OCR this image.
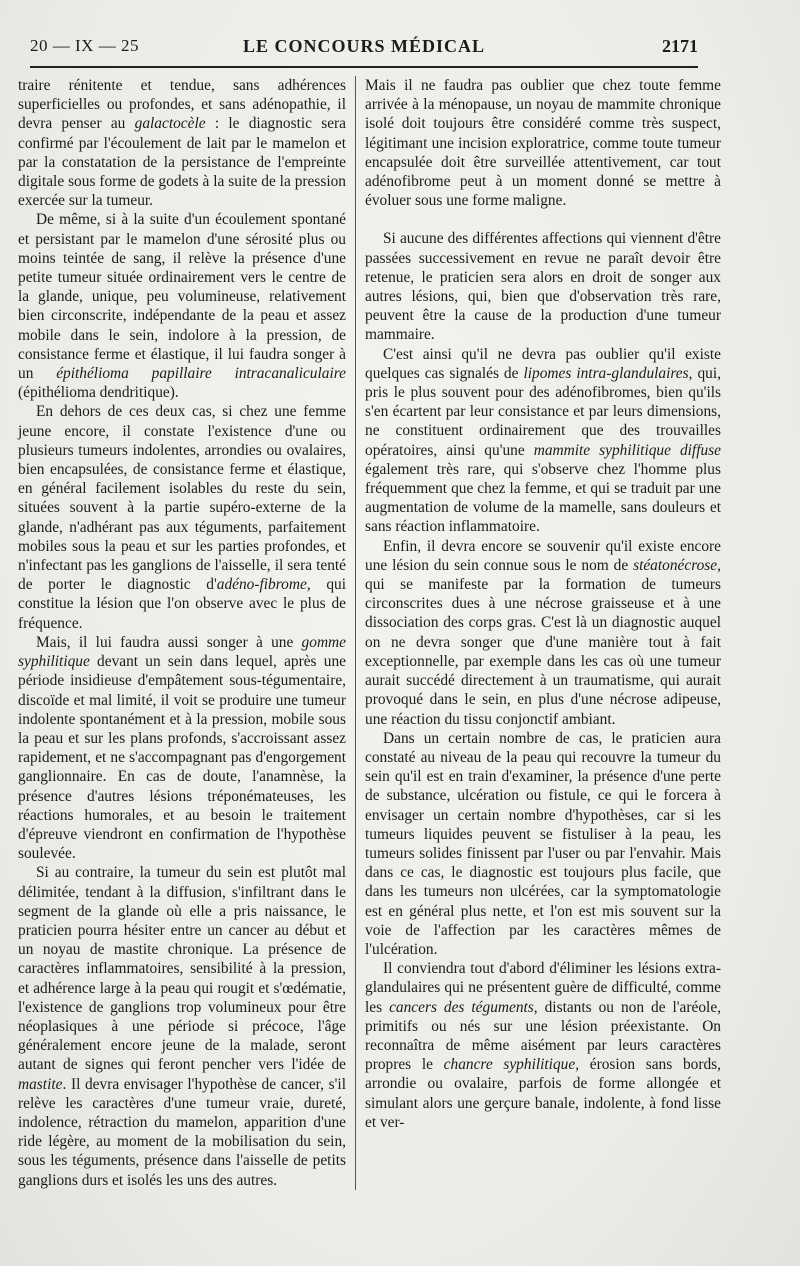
20 — IX — 25	LE CONCOURS MÉDICAL	2171

traire rénitente et tendue, sans adhérences superficielles ou profondes, et sans adénopathie, il devra penser au galactocèle : le diagnostic sera confirmé par l'écoulement de lait par le mamelon et par la constatation de la persistance de l'empreinte digitale sous forme de godets à la suite de la pression exercée sur la tumeur.

De même, si à la suite d'un écoulement spontané et persistant par le mamelon d'une sérosité plus ou moins teintée de sang, il relève la présence d'une petite tumeur située ordinairement vers le centre de la glande, unique, peu volumineuse, relativement bien circonscrite, indépendante de la peau et assez mobile dans le sein, indolore à la pression, de consistance ferme et élastique, il lui faudra songer à un épithélioma papillaire intracanaliculaire (épithélioma dendritique).

En dehors de ces deux cas, si chez une femme jeune encore, il constate l'existence d'une ou plusieurs tumeurs indolentes, arrondies ou ovalaires, bien encapsulées, de consistance ferme et élastique, en général facilement isolables du reste du sein, situées souvent à la partie supéro-externe de la glande, n'adhérant pas aux téguments, parfaitement mobiles sous la peau et sur les parties profondes, et n'infectant pas les ganglions de l'aisselle, il sera tenté de porter le diagnostic d'adéno-fibrome, qui constitue la lésion que l'on observe avec le plus de fréquence.

Mais, il lui faudra aussi songer à une gomme syphilitique devant un sein dans lequel, après une période insidieuse d'empâtement sous-tégumentaire, discoïde et mal limité, il voit se produire une tumeur indolente spontanément et à la pression, mobile sous la peau et sur les plans profonds, s'accroissant assez rapidement, et ne s'accompagnant pas d'engorgement ganglionnaire. En cas de doute, l'anamnèse, la présence d'autres lésions tréponémateuses, les réactions humorales, et au besoin le traitement d'épreuve viendront en confirmation de l'hypothèse soulevée.

Si au contraire, la tumeur du sein est plutôt mal délimitée, tendant à la diffusion, s'infiltrant dans le segment de la glande où elle a pris naissance, le praticien pourra hésiter entre un cancer au début et un noyau de mastite chronique. La présence de caractères inflammatoires, sensibilité à la pression, et adhérence large à la peau qui rougit et s'œdématie, l'existence de ganglions trop volumineux pour être néoplasiques à une période si précoce, l'âge généralement encore jeune de la malade, seront autant de signes qui feront pencher vers l'idée de mastite. Il devra envisager l'hypothèse de cancer, s'il relève les caractères d'une tumeur vraie, dureté, indolence, rétraction du mamelon, apparition d'une ride légère, au moment de la mobilisation du sein, sous les téguments, présence dans l'aisselle de petits ganglions durs et isolés les uns des autres.

Mais il ne faudra pas oublier que chez toute femme arrivée à la ménopause, un noyau de mammite chronique isolé doit toujours être considéré comme très suspect, légitimant une incision exploratrice, comme toute tumeur encapsulée doit être surveillée attentivement, car tout adénofibrome peut à un moment donné se mettre à évoluer sous une forme maligne.

Si aucune des différentes affections qui viennent d'être passées successivement en revue ne paraît devoir être retenue, le praticien sera alors en droit de songer aux autres lésions, qui, bien que d'observation très rare, peuvent être la cause de la production d'une tumeur mammaire.

C'est ainsi qu'il ne devra pas oublier qu'il existe quelques cas signalés de lipomes intra-glandulaires, qui, pris le plus souvent pour des adénofibromes, bien qu'ils s'en écartent par leur consistance et par leurs dimensions, ne constituent ordinairement que des trouvailles opératoires, ainsi qu'une mammite syphilitique diffuse également très rare, qui s'observe chez l'homme plus fréquemment que chez la femme, et qui se traduit par une augmentation de volume de la mamelle, sans douleurs et sans réaction inflammatoire.

Enfin, il devra encore se souvenir qu'il existe encore une lésion du sein connue sous le nom de stéatonécrose, qui se manifeste par la formation de tumeurs circonscrites dues à une nécrose graisseuse et à une dissociation des corps gras. C'est là un diagnostic auquel on ne devra songer que d'une manière tout à fait exceptionnelle, par exemple dans les cas où une tumeur aurait succédé directement à un traumatisme, qui aurait provoqué dans le sein, en plus d'une nécrose adipeuse, une réaction du tissu conjonctif ambiant.

Dans un certain nombre de cas, le praticien aura constaté au niveau de la peau qui recouvre la tumeur du sein qu'il est en train d'examiner, la présence d'une perte de substance, ulcération ou fistule, ce qui le forcera à envisager un certain nombre d'hypothèses, car si les tumeurs liquides peuvent se fistuliser à la peau, les tumeurs solides finissent par l'user ou par l'envahir. Mais dans ce cas, le diagnostic est toujours plus facile, que dans les tumeurs non ulcérées, car la symptomatologie est en général plus nette, et l'on est mis souvent sur la voie de l'affection par les caractères mêmes de l'ulcération.

Il conviendra tout d'abord d'éliminer les lésions extra-glandulaires qui ne présentent guère de difficulté, comme les cancers des téguments, distants ou non de l'aréole, primitifs ou nés sur une lésion préexistante. On reconnaîtra de même aisément par leurs caractères propres le chancre syphilitique, érosion sans bords, arrondie ou ovalaire, parfois de forme allongée et simulant alors une gerçure banale, indolente, à fond lisse et ver-
